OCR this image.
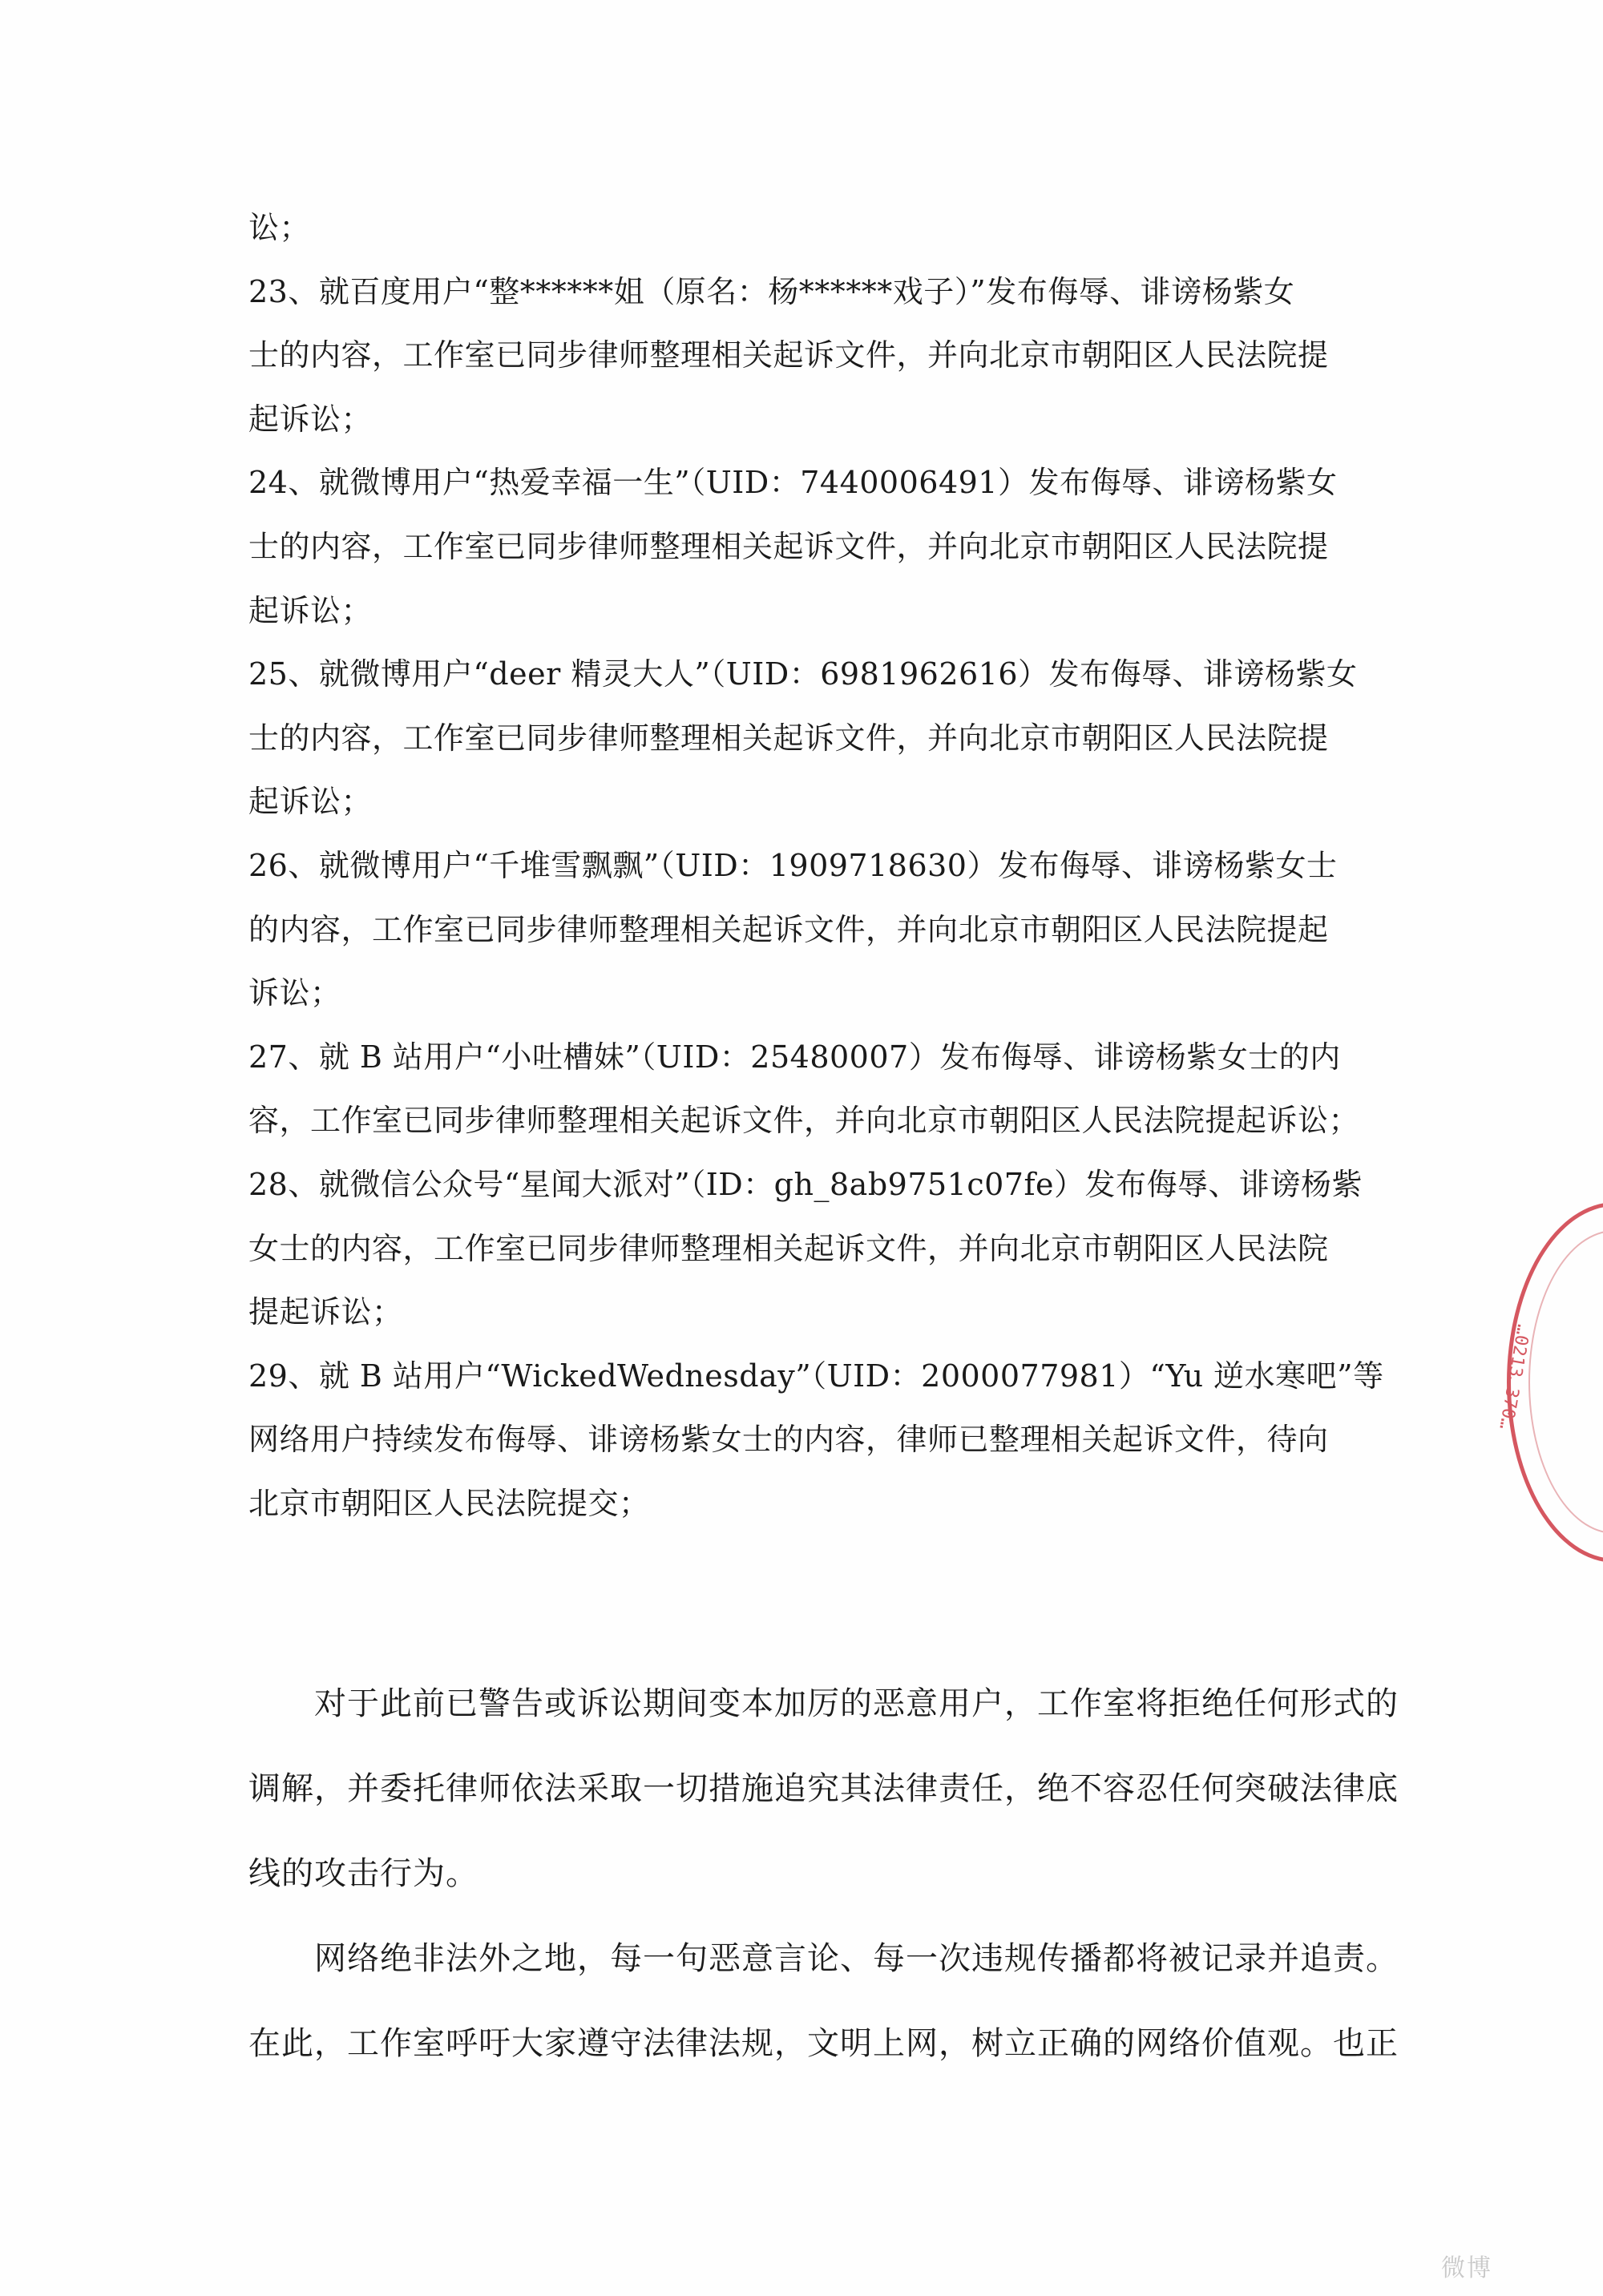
讼；
23、就百度用户“整******姐（原名：杨******戏子）”发布侮辱、诽谤杨紫女
士的内容，工作室已同步律师整理相关起诉文件，并向北京市朝阳区人民法院提
起诉讼；
24、就微博用户“热爱幸福一生”（UID：7440006491）发布侮辱、诽谤杨紫女
士的内容，工作室已同步律师整理相关起诉文件，并向北京市朝阳区人民法院提
起诉讼；
25、就微博用户“deer 精灵大人”（UID：6981962616）发布侮辱、诽谤杨紫女
士的内容，工作室已同步律师整理相关起诉文件，并向北京市朝阳区人民法院提
起诉讼；
26、就微博用户“千堆雪飘飘”（UID：1909718630）发布侮辱、诽谤杨紫女士
的内容，工作室已同步律师整理相关起诉文件，并向北京市朝阳区人民法院提起
诉讼；
27、就 B 站用户“小吐槽妹”（UID：25480007）发布侮辱、诽谤杨紫女士的内
容，工作室已同步律师整理相关起诉文件，并向北京市朝阳区人民法院提起诉讼；
28、就微信公众号“星闻大派对”（ID：gh_8ab9751c07fe）发布侮辱、诽谤杨紫
女士的内容，工作室已同步律师整理相关起诉文件，并向北京市朝阳区人民法院
提起诉讼；
29、就 B 站用户“WickedWednesday”（UID：2000077981）“Yu 逆水寒吧”等
网络用户持续发布侮辱、诽谤杨紫女士的内容，律师已整理相关起诉文件，待向
北京市朝阳区人民法院提交；
　　对于此前已警告或诉讼期间变本加厉的恶意用户，工作室将拒绝任何形式的
调解，并委托律师依法采取一切措施追究其法律责任，绝不容忍任何突破法律底
线的攻击行为。
　　网络绝非法外之地，每一句恶意言论、每一次违规传播都将被记录并追责。
在此，工作室呼吁大家遵守法律法规，文明上网，树立正确的网络价值观。也正
…0213…370…
微博
